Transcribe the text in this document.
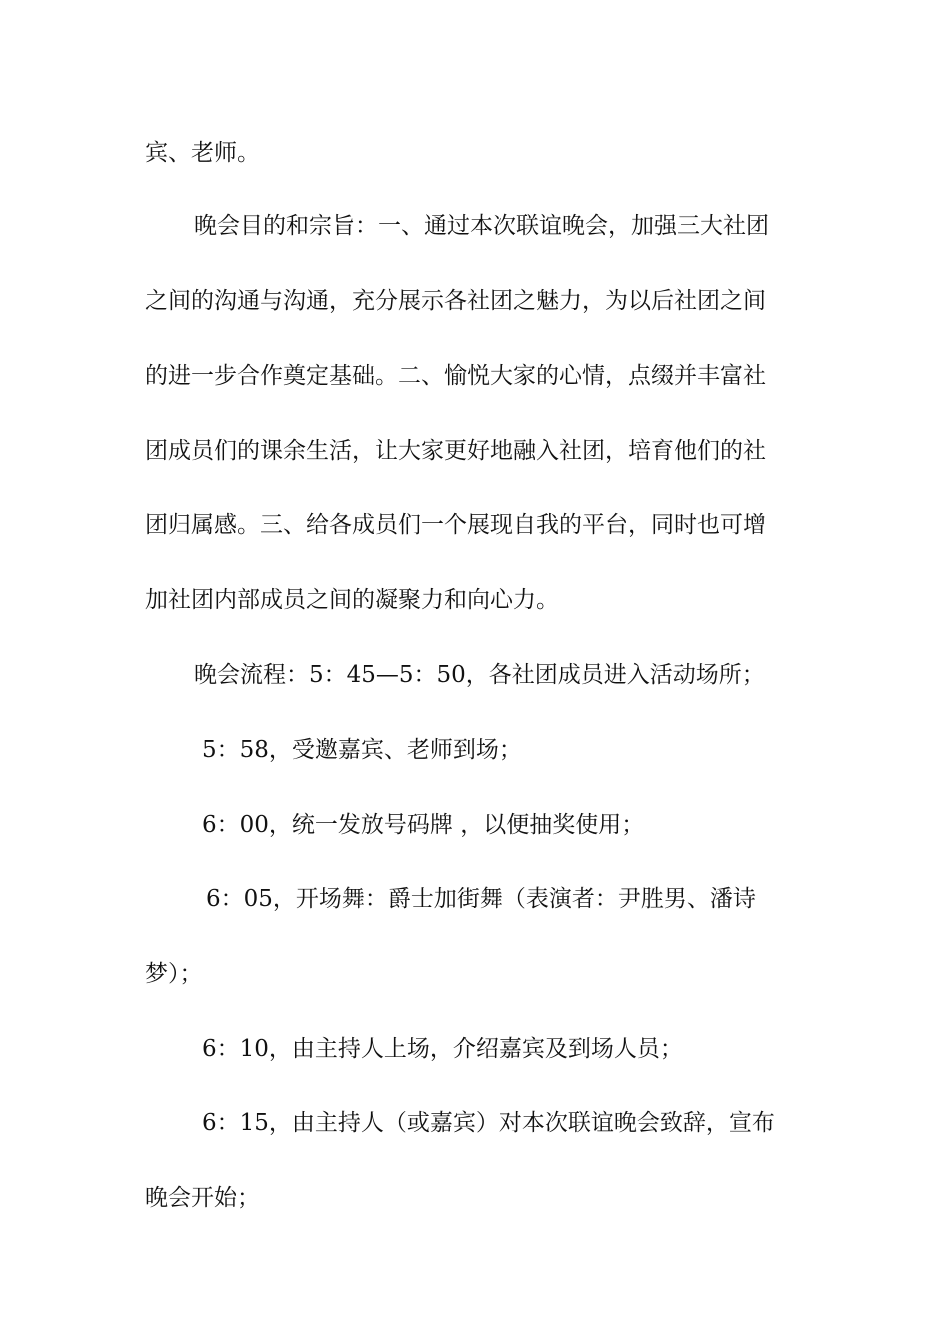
宾、老师。
晚会目的和宗旨：一、通过本次联谊晚会，加强三大社团
之间的沟通与沟通，充分展示各社团之魅力，为以后社团之间
的进一步合作奠定基础。二、愉悦大家的心情，点缀并丰富社
团成员们的课余生活，让大家更好地融入社团，培育他们的社
团归属感。三、给各成员们一个展现自我的平台，同时也可增
加社团内部成员之间的凝聚力和向心力。
晚会流程：5：45—5：50，各社团成员进入活动场所；
5：58，受邀嘉宾、老师到场；
6：00，统一发放号码牌 ，以便抽奖使用；
6：05，开场舞：爵士加街舞（表演者：尹胜男、潘诗
梦）；
6：10，由主持人上场，介绍嘉宾及到场人员；
6：15，由主持人（或嘉宾）对本次联谊晚会致辞，宣布
晚会开始；
